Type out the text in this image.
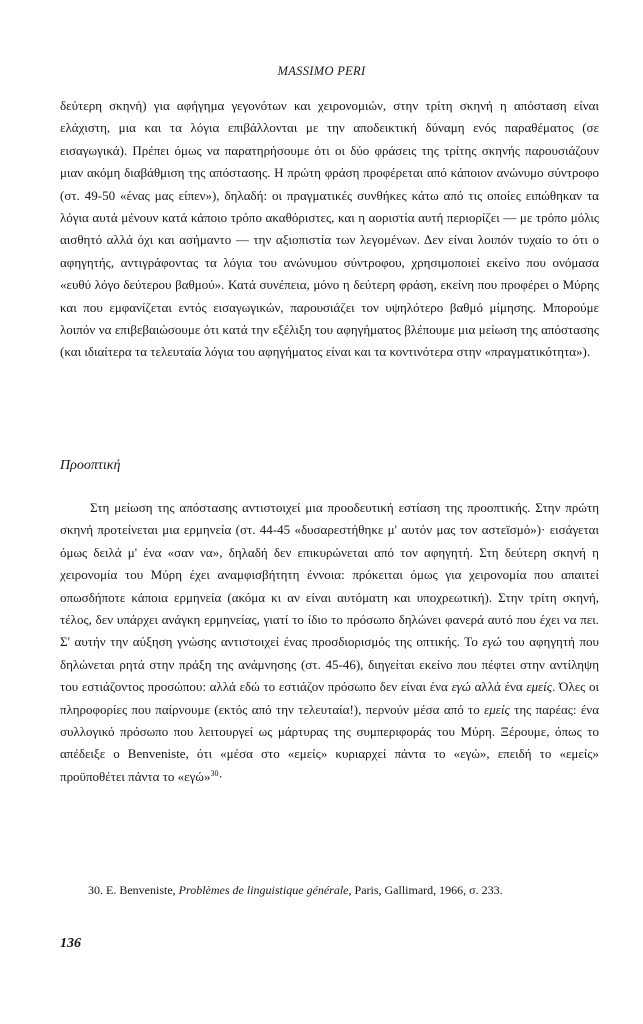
MASSIMO PERI
δεύτερη σκηνή) για αφήγημα γεγονότων και χειρονομιών, στην τρίτη σκηνή η απόσταση είναι ελάχιστη, μια και τα λόγια επιβάλλονται με την αποδεικτική δύναμη ενός παραθέματος (σε εισαγωγικά). Πρέπει όμως να παρατηρήσουμε ότι οι δύο φράσεις της τρίτης σκηνής παρουσιάζουν μιαν ακόμη διαβάθμιση της απόστασης. Η πρώτη φράση προφέρεται από κάποιον ανώνυμο σύντροφο (στ. 49-50 «ένας μας είπεν»), δηλαδή: οι πραγματικές συνθήκες κάτω από τις οποίες ειπώθηκαν τα λόγια αυτά μένουν κατά κάποιο τρόπο ακαθόριστες, και η αοριστία αυτή περιορίζει — με τρόπο μόλις αισθητό αλλά όχι και ασήμαντο — την αξιοπιστία των λεγομένων. Δεν είναι λοιπόν τυχαίο το ότι ο αφηγητής, αντιγράφοντας τα λόγια του ανώνυμου σύντροφου, χρησιμοποιεί εκείνο που ονόμασα «ευθύ λόγο δεύτερου βαθμού». Κατά συνέπεια, μόνο η δεύτερη φράση, εκείνη που προφέρει ο Μύρης και που εμφανίζεται εντός εισαγωγικών, παρουσιάζει τον υψηλότερο βαθμό μίμησης. Μπορούμε λοιπόν να επιβεβαιώσουμε ότι κατά την εξέλιξη του αφηγήματος βλέπουμε μια μείωση της απόστασης (και ιδιαίτερα τα τελευταία λόγια του αφηγήματος είναι και τα κοντινότερα στην «πραγματικότητα»).
Προοπτική
Στη μείωση της απόστασης αντιστοιχεί μια προοδευτική εστίαση της προοπτικής. Στην πρώτη σκηνή προτείνεται μια ερμηνεία (στ. 44-45 «δυσαρεστήθηκε μ' αυτόν μας τον αστεϊσμό»)· εισάγεται όμως δειλά μ' ένα «σαν να», δηλαδή δεν επικυρώνεται από τον αφηγητή. Στη δεύτερη σκηνή η χειρονομία του Μύρη έχει αναμφισβήτητη έννοια: πρόκειται όμως για χειρονομία που απαιτεί οπωσδήποτε κάποια ερμηνεία (ακόμα κι αν είναι αυτόματη και υποχρεωτική). Στην τρίτη σκηνή, τέλος, δεν υπάρχει ανάγκη ερμηνείας, γιατί το ίδιο το πρόσωπο δηλώνει φανερά αυτό που έχει να πει. Σ' αυτήν την αύξηση γνώσης αντιστοιχεί ένας προσδιορισμός της οπτικής. Το εγώ του αφηγητή που δηλώνεται ρητά στην πράξη της ανάμνησης (στ. 45-46), διηγείται εκείνο που πέφτει στην αντίληψη του εστιάζοντος προσώπου: αλλά εδώ το εστιάζον πρόσωπο δεν είναι ένα εγώ αλλά ένα εμείς. Όλες οι πληροφορίες που παίρνουμε (εκτός από την τελευταία!), περνούν μέσα από το εμείς της παρέας: ένα συλλογικό πρόσωπο που λειτουργεί ως μάρτυρας της συμπεριφοράς του Μύρη. Ξέρουμε, όπως το απέδειξε ο Benveniste, ότι «μέσα στο «εμείς» κυριαρχεί πάντα το «εγώ», επειδή το «εμείς» προϋποθέτει πάντα το «εγώ»$^{30}$·
30. E. Benveniste, Problèmes de linguistique générale, Paris, Gallimard, 1966, σ. 233.
136
